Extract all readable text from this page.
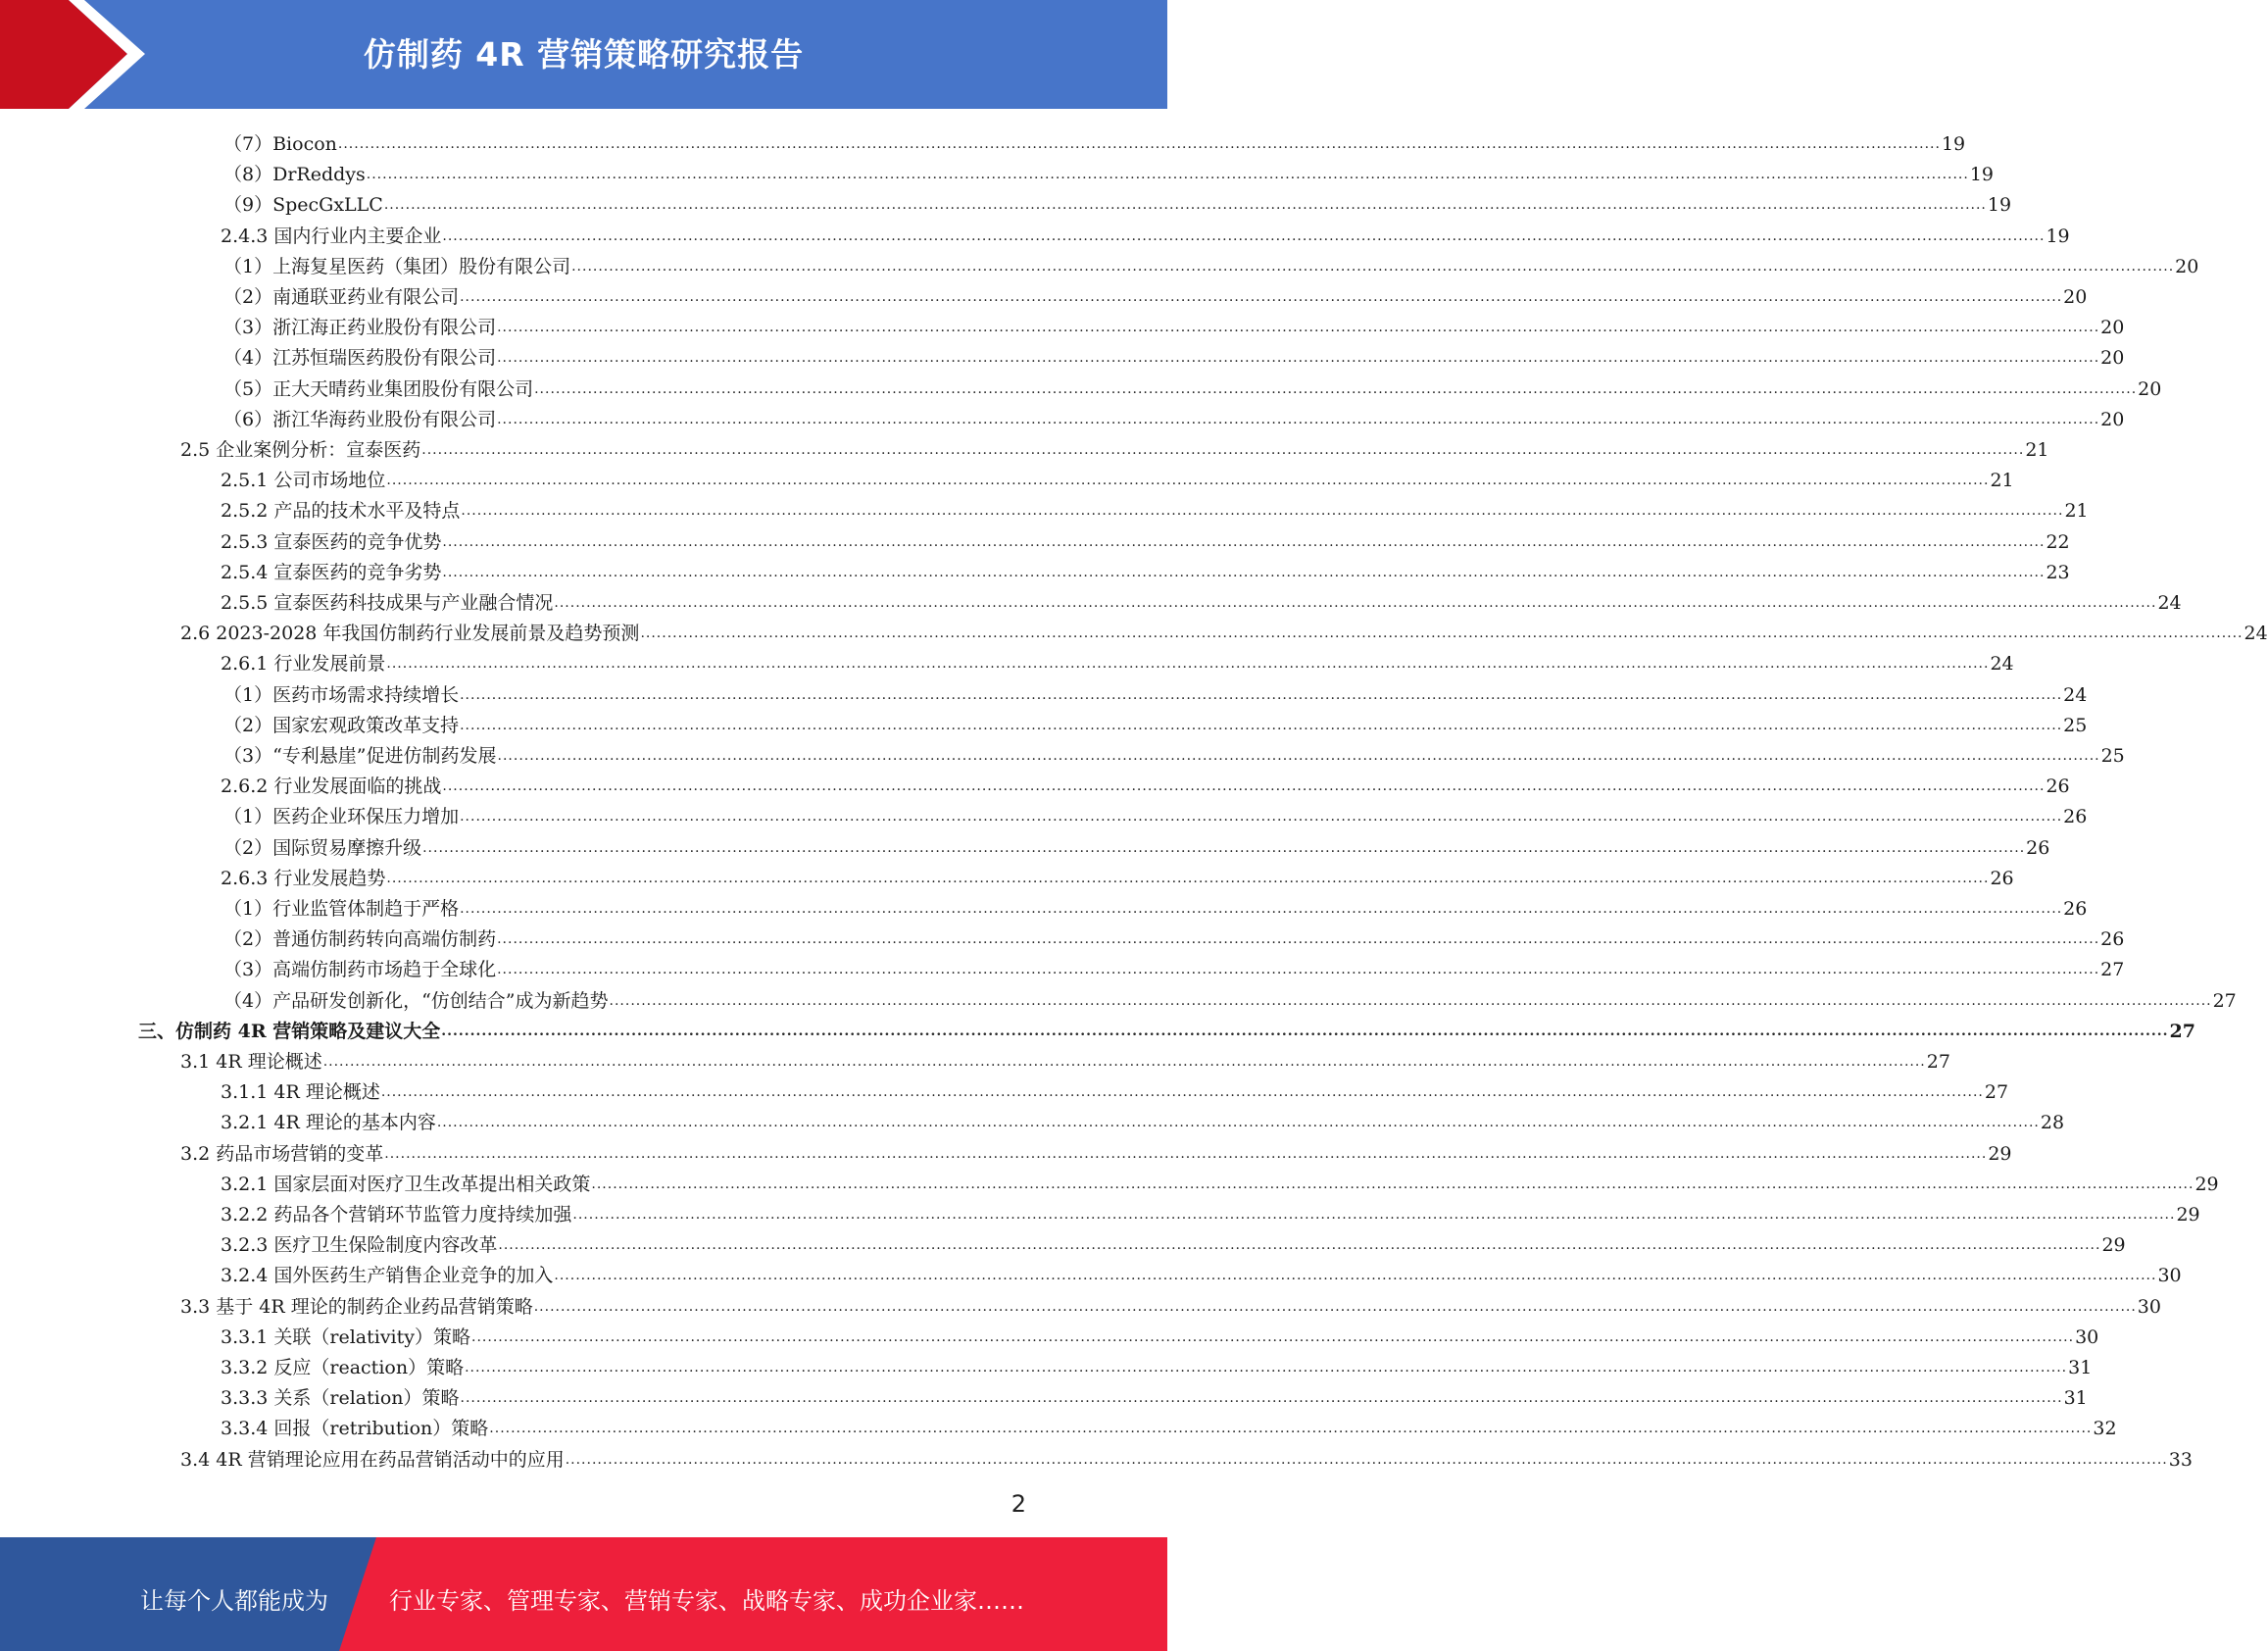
仿制药 4R 营销策略研究报告
（7）Biocon ............................................................................................................................................................................................................................................................................................................ 19
（8）DrReddys ............................................................................................................................................................................................................................................................................................................ 19
（9）SpecGxLLC ............................................................................................................................................................................................................................................................................................................ 19
2.4.3 国内行业内主要企业 ............................................................................................................................................................................................................................................................................................................ 19
（1）上海复星医药（集团）股份有限公司 ............................................................................................................................................................................................................................................................................................................ 20
（2）南通联亚药业有限公司 ............................................................................................................................................................................................................................................................................................................ 20
（3）浙江海正药业股份有限公司 ............................................................................................................................................................................................................................................................................................................ 20
（4）江苏恒瑞医药股份有限公司 ............................................................................................................................................................................................................................................................................................................ 20
（5）正大天晴药业集团股份有限公司 ............................................................................................................................................................................................................................................................................................................ 20
（6）浙江华海药业股份有限公司 ............................................................................................................................................................................................................................................................................................................ 20
2.5 企业案例分析：宣泰医药 ............................................................................................................................................................................................................................................................................................................ 21
2.5.1 公司市场地位 ............................................................................................................................................................................................................................................................................................................ 21
2.5.2 产品的技术水平及特点 ............................................................................................................................................................................................................................................................................................................ 21
2.5.3 宣泰医药的竞争优势 ............................................................................................................................................................................................................................................................................................................ 22
2.5.4 宣泰医药的竞争劣势 ............................................................................................................................................................................................................................................................................................................ 23
2.5.5 宣泰医药科技成果与产业融合情况 ............................................................................................................................................................................................................................................................................................................ 24
2.6 2023-2028 年我国仿制药行业发展前景及趋势预测 ............................................................................................................................................................................................................................................................................................................ 24
2.6.1 行业发展前景 ............................................................................................................................................................................................................................................................................................................ 24
（1）医药市场需求持续增长 ............................................................................................................................................................................................................................................................................................................ 24
（2）国家宏观政策改革支持 ............................................................................................................................................................................................................................................................................................................ 25
（3）“专利悬崖”促进仿制药发展 ............................................................................................................................................................................................................................................................................................................ 25
2.6.2 行业发展面临的挑战 ............................................................................................................................................................................................................................................................................................................ 26
（1）医药企业环保压力增加 ............................................................................................................................................................................................................................................................................................................ 26
（2）国际贸易摩擦升级 ............................................................................................................................................................................................................................................................................................................ 26
2.6.3 行业发展趋势 ............................................................................................................................................................................................................................................................................................................ 26
（1）行业监管体制趋于严格 ............................................................................................................................................................................................................................................................................................................ 26
（2）普通仿制药转向高端仿制药 ............................................................................................................................................................................................................................................................................................................ 26
（3）高端仿制药市场趋于全球化 ............................................................................................................................................................................................................................................................................................................ 27
（4）产品研发创新化，“仿创结合”成为新趋势 ............................................................................................................................................................................................................................................................................................................ 27
三、仿制药 4R 营销策略及建议大全 ............................................................................................................................................................................................................................................................................................................ 27
3.1 4R 理论概述 ............................................................................................................................................................................................................................................................................................................ 27
3.1.1 4R 理论概述 ............................................................................................................................................................................................................................................................................................................ 27
3.2.1 4R 理论的基本内容 ............................................................................................................................................................................................................................................................................................................ 28
3.2 药品市场营销的变革 ............................................................................................................................................................................................................................................................................................................ 29
3.2.1 国家层面对医疗卫生改革提出相关政策 ............................................................................................................................................................................................................................................................................................................ 29
3.2.2 药品各个营销环节监管力度持续加强 ............................................................................................................................................................................................................................................................................................................ 29
3.2.3 医疗卫生保险制度内容改革 ............................................................................................................................................................................................................................................................................................................ 29
3.2.4 国外医药生产销售企业竞争的加入 ............................................................................................................................................................................................................................................................................................................ 30
3.3 基于 4R 理论的制药企业药品营销策略 ............................................................................................................................................................................................................................................................................................................ 30
3.3.1 关联（relativity）策略 ............................................................................................................................................................................................................................................................................................................ 30
3.3.2 反应（reaction）策略 ............................................................................................................................................................................................................................................................................................................ 31
3.3.3 关系（relation）策略 ............................................................................................................................................................................................................................................................................................................ 31
3.3.4 回报（retribution）策略 ............................................................................................................................................................................................................................................................................................................ 32
3.4 4R 营销理论应用在药品营销活动中的应用 ............................................................................................................................................................................................................................................................................................................ 33
2
让每个人都能成为	行业专家、管理专家、营销专家、战略专家、成功企业家……
